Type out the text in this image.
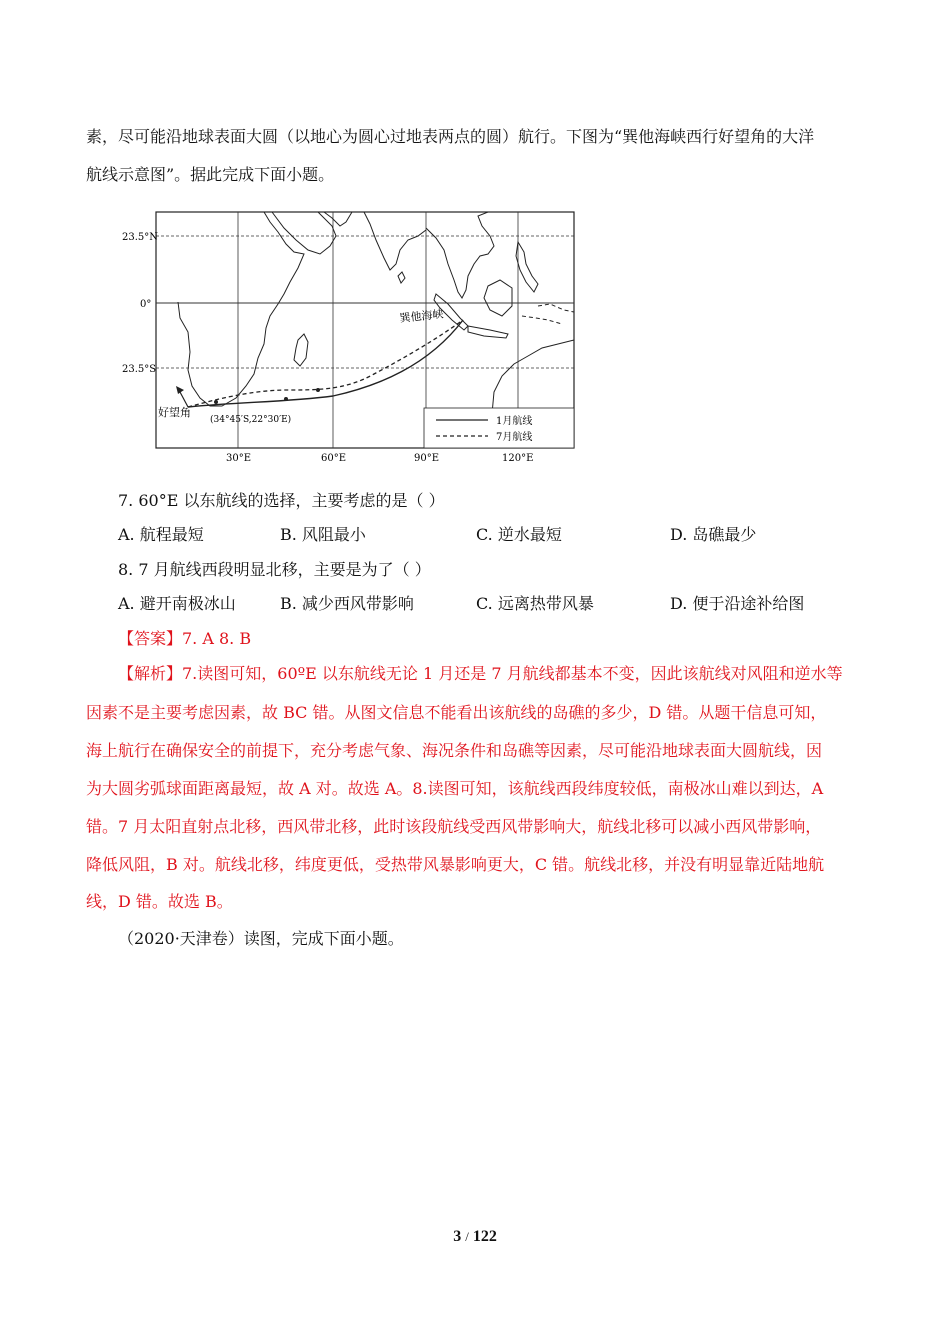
素，尽可能沿地球表面大圆（以地心为圆心过地表两点的圆）航行。下图为“巽他海峡西行好望角的大洋
航线示意图”。据此完成下面小题。
23.5°N
0°
23.5°S
30°E	60°E	90°E	120°E
巽他海峡
好望角
(34°45′S,22°30′E)	1月航线
7月航线
7. 60°E 以东航线的选择，主要考虑的是（ ）
A. 航程最短	B. 风阻最小	C. 逆水最短	D. 岛礁最少
8. 7 月航线西段明显北移，主要是为了（ ）
A. 避开南极冰山	B. 减少西风带影响	C. 远离热带风暴	D. 便于沿途补给图
【答案】7. A 8. B
【解析】7.读图可知，60ºE 以东航线无论 1 月还是 7 月航线都基本不变，因此该航线对风阻和逆水等
因素不是主要考虑因素，故 BC 错。从图文信息不能看出该航线的岛礁的多少，D 错。从题干信息可知，
海上航行在确保安全的前提下，充分考虑气象、海况条件和岛礁等因素，尽可能沿地球表面大圆航线，因
为大圆劣弧球面距离最短，故 A 对。故选 A。8.读图可知，该航线西段纬度较低，南极冰山难以到达，A
错。7 月太阳直射点北移，西风带北移，此时该段航线受西风带影响大，航线北移可以减小西风带影响，
降低风阻，B 对。航线北移，纬度更低，受热带风暴影响更大，C 错。航线北移，并没有明显靠近陆地航
线，D 错。故选 B。
（2020·天津卷）读图，完成下面小题。
3 / 122
